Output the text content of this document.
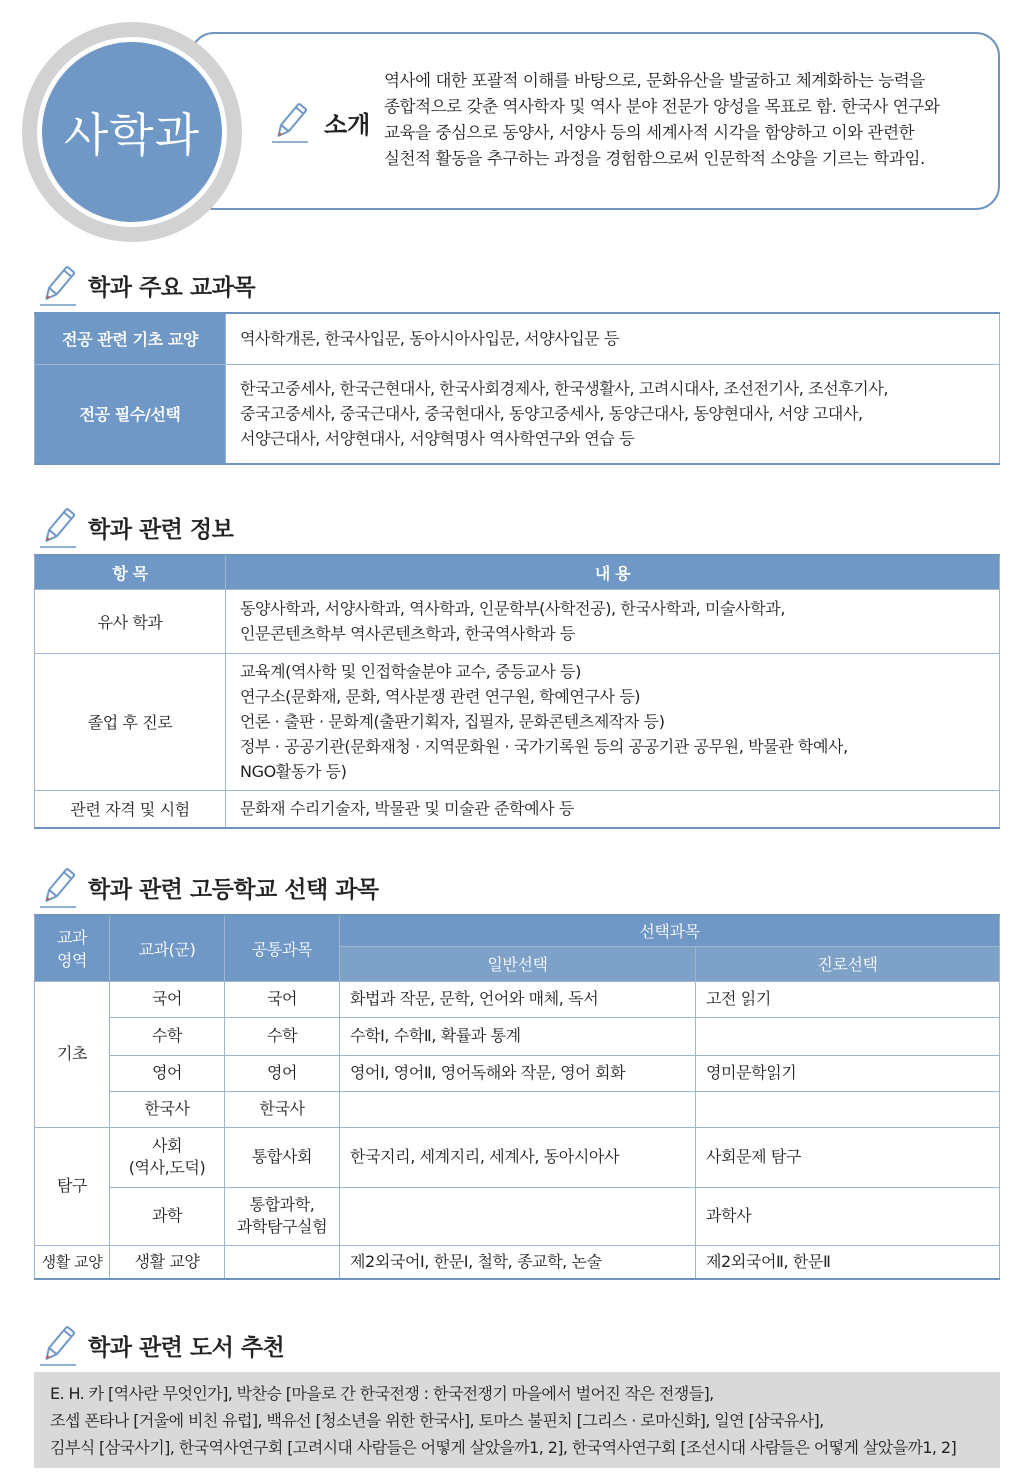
사학과	소개
역사에 대한 포괄적 이해를 바탕으로, 문화유산을 발굴하고 체계화하는 능력을
종합적으로 갖춘 역사학자 및 역사 분야 전문가 양성을 목표로 함. 한국사 연구와
교육을 중심으로 동양사, 서양사 등의 세계사적 시각을 함양하고 이와 관련한
실천적 활동을 추구하는 과정을 경험함으로써 인문학적 소양을 기르는 학과임.
학과 주요 교과목
전공 관련 기초 교양	역사학개론, 한국사입문, 동아시아사입문, 서양사입문 등

전공 필수/선택	한국고중세사, 한국근현대사, 한국사회경제사, 한국생활사, 고려시대사, 조선전기사, 조선후기사,
중국고중세사, 중국근대사, 중국현대사, 동양고중세사, 동양근대사, 동양현대사, 서양 고대사,
서양근대사, 서양현대사, 서양혁명사 역사학연구와 연습 등
학과 관련 정보
항 목	내 용
유사 학과	동양사학과, 서양사학과, 역사학과, 인문학부(사학전공), 한국사학과, 미술사학과,
인문콘텐츠학부 역사콘텐츠학과, 한국역사학과 등

졸업 후 진로	교육계(역사학 및 인접학술분야 교수, 중등교사 등)
연구소(문화재, 문화, 역사분쟁 관련 연구원, 학예연구사 등)
언론 · 출판 · 문화계(출판기획자, 집필자, 문화콘텐츠제작자 등)
정부 · 공공기관(문화재청 · 지역문화원 · 국가기록원 등의 공공기관 공무원, 박물관 학예사,
NGO활동가 등)

관련 자격 및 시험	문화재 수리기술자, 박물관 및 미술관 준학예사 등
학과 관련 고등학교 선택 과목
교과
영역	교과(군)	공통과목	선택과목	
			일반선택	진로선택
기초	국어	국어	화법과 작문, 문학, 언어와 매체, 독서	고전 읽기
	수학	수학	수학Ⅰ, 수학Ⅱ, 확률과 통계	
	영어	영어	영어Ⅰ, 영어Ⅱ, 영어독해와 작문, 영어 회화	영미문학읽기
	한국사	한국사		
탐구	사회
(역사,도덕)	통합사회	한국지리, 세계지리, 세계사, 동아시아사	사회문제 탐구
	과학	통합과학,
과학탐구실험		과학사
생활 교양	생활 교양		제2외국어Ⅰ, 한문Ⅰ, 철학, 종교학, 논술	제2외국어Ⅱ, 한문Ⅱ
학과 관련 도서 추천
E. H. 카 [역사란 무엇인가], 박찬승 [마을로 간 한국전쟁 : 한국전쟁기 마을에서 벌어진 작은 전쟁들],
조셉 폰타나 [거울에 비친 유럽], 백유선 [청소년을 위한 한국사], 토마스 불핀치 [그리스 · 로마신화], 일연 [삼국유사],
김부식 [삼국사기], 한국역사연구회 [고려시대 사람들은 어떻게 살았을까1, 2], 한국역사연구회 [조선시대 사람들은 어떻게 살았을까1, 2]
